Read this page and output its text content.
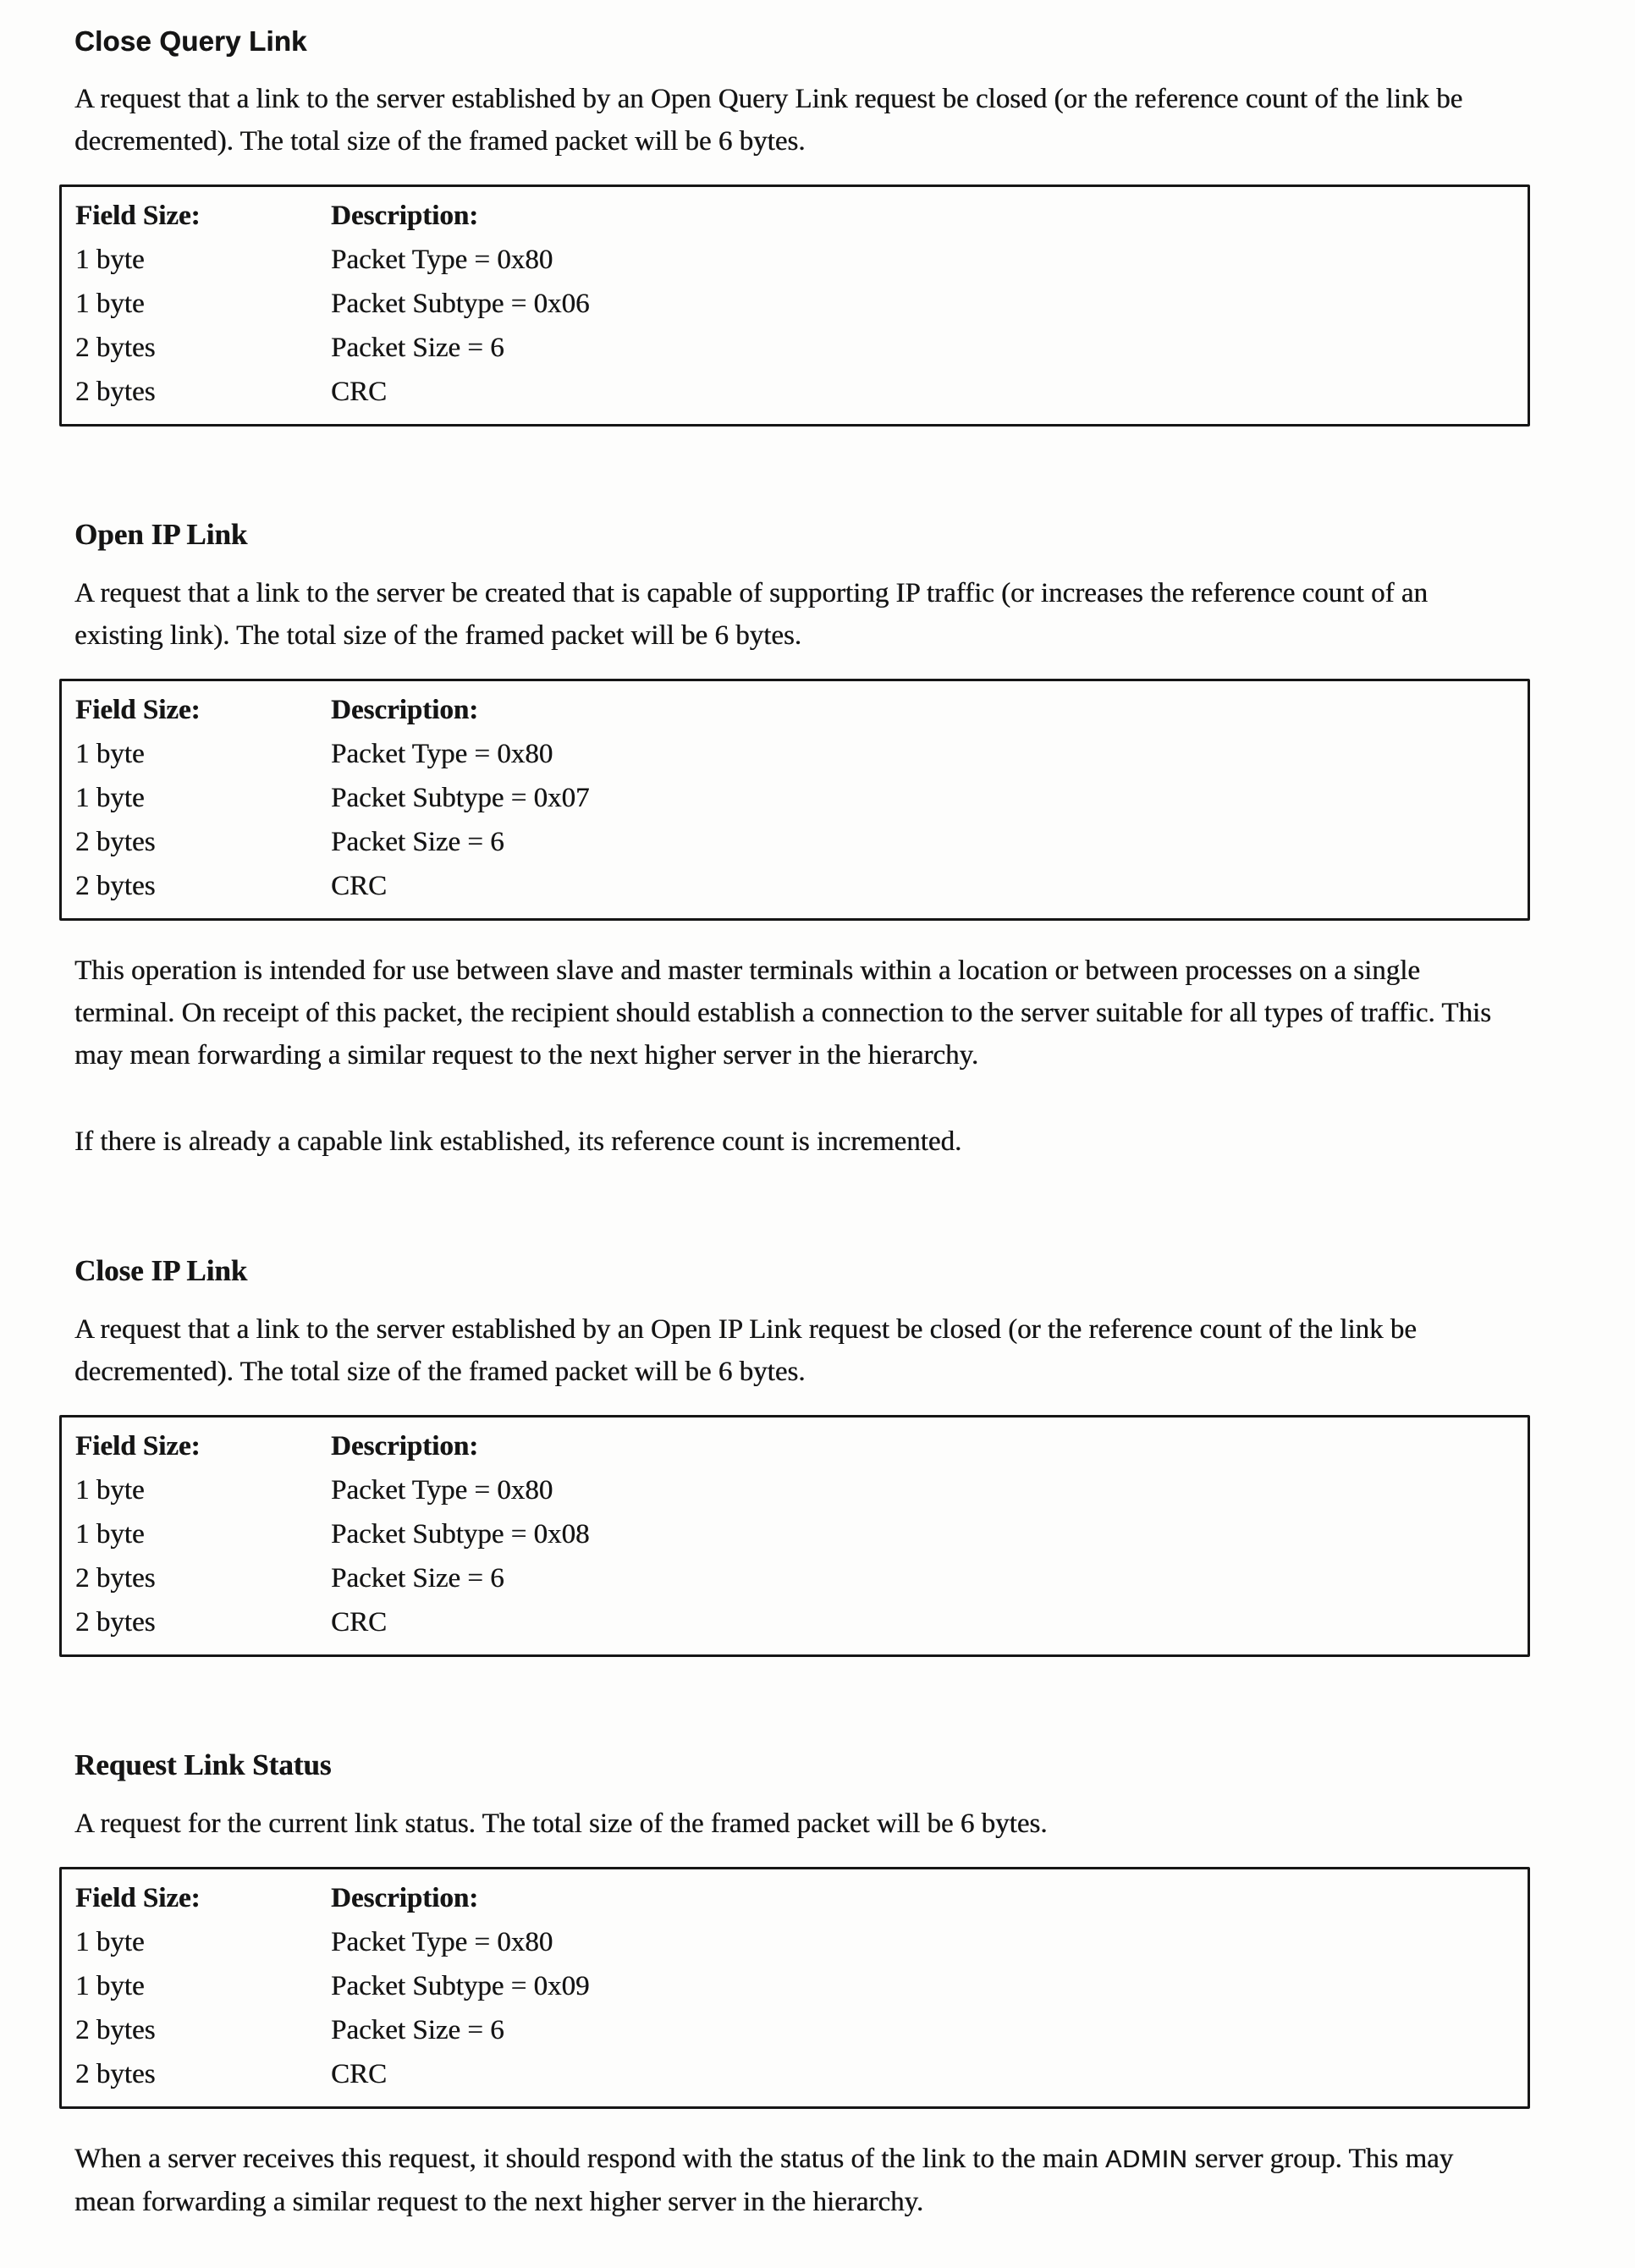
Close Query Link

A request that a link to the server established by an Open Query Link request be closed (or the reference count of the link be decremented). The total size of the framed packet will be 6 bytes.

Field Size:	Description:
1 byte	Packet Type = 0x80
1 byte	Packet Subtype = 0x06
2 bytes	Packet Size = 6
2 bytes	CRC
Open IP Link

A request that a link to the server be created that is capable of supporting IP traffic (or increases the reference count of an existing link). The total size of the framed packet will be 6 bytes.

Field Size:	Description:
1 byte	Packet Type = 0x80
1 byte	Packet Subtype = 0x07
2 bytes	Packet Size = 6
2 bytes	CRC

This operation is intended for use between slave and master terminals within a location or between processes on a single terminal. On receipt of this packet, the recipient should establish a connection to the server suitable for all types of traffic. This may mean forwarding a similar request to the next higher server in the hierarchy.

If there is already a capable link established, its reference count is incremented.

Close IP Link

A request that a link to the server established by an Open IP Link request be closed (or the reference count of the link be decremented). The total size of the framed packet will be 6 bytes.

Field Size:	Description:
1 byte	Packet Type = 0x80
1 byte	Packet Subtype = 0x08
2 bytes	Packet Size = 6
2 bytes	CRC
Request Link Status

A request for the current link status. The total size of the framed packet will be 6 bytes.

Field Size:	Description:
1 byte	Packet Type = 0x80
1 byte	Packet Subtype = 0x09
2 bytes	Packet Size = 6
2 bytes	CRC

When a server receives this request, it should respond with the status of the link to the main ADMIN server group. This may mean forwarding a similar request to the next higher server in the hierarchy.
